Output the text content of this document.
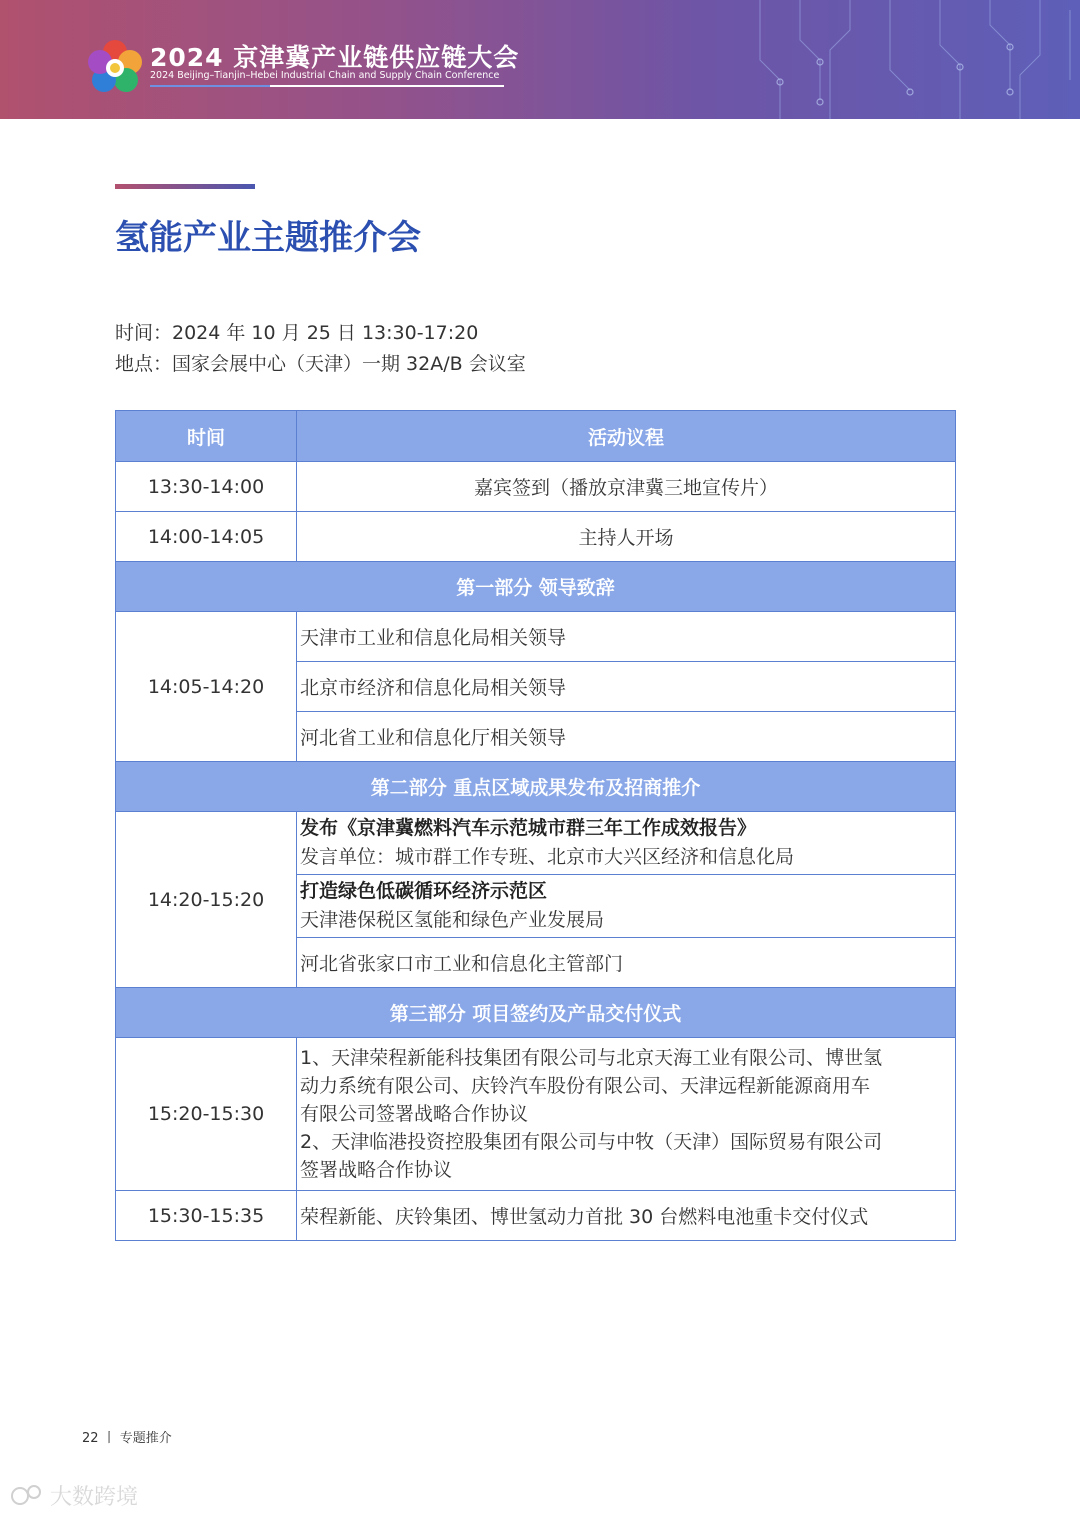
2024 京津冀产业链供应链大会
2024 Beijing–Tianjin–Hebei Industrial Chain and Supply Chain Conference
氢能产业主题推介会
时间：2024 年 10 月 25 日 13:30-17:20
地点：国家会展中心（天津）一期 32A/B 会议室
时间	活动议程
13:30-14:00	嘉宾签到（播放京津冀三地宣传片）
14:00-14:05	主持人开场
第一部分 领导致辞	
14:05-14:20	天津市工业和信息化局相关领导
	北京市经济和信息化局相关领导
	河北省工业和信息化厅相关领导
第二部分 重点区域成果发布及招商推介	
14:20-15:20	发布《京津冀燃料汽车示范城市群三年工作成效报告》
发言单位：城市群工作专班、北京市大兴区经济和信息化局

	打造绿色低碳循环经济示范区
天津港保税区氢能和绿色产业发展局

	河北省张家口市工业和信息化主管部门
第三部分 项目签约及产品交付仪式	
15:20-15:30	1、天津荣程新能科技集团有限公司与北京天海工业有限公司、博世氢
动力系统有限公司、庆铃汽车股份有限公司、天津远程新能源商用车
有限公司签署战略合作协议
2、天津临港投资控股集团有限公司与中牧（天津）国际贸易有限公司
签署战略合作协议

15:30-15:35	荣程新能、庆铃集团、博世氢动力首批 30 台燃料电池重卡交付仪式
22 丨 专题推介
大数跨境
